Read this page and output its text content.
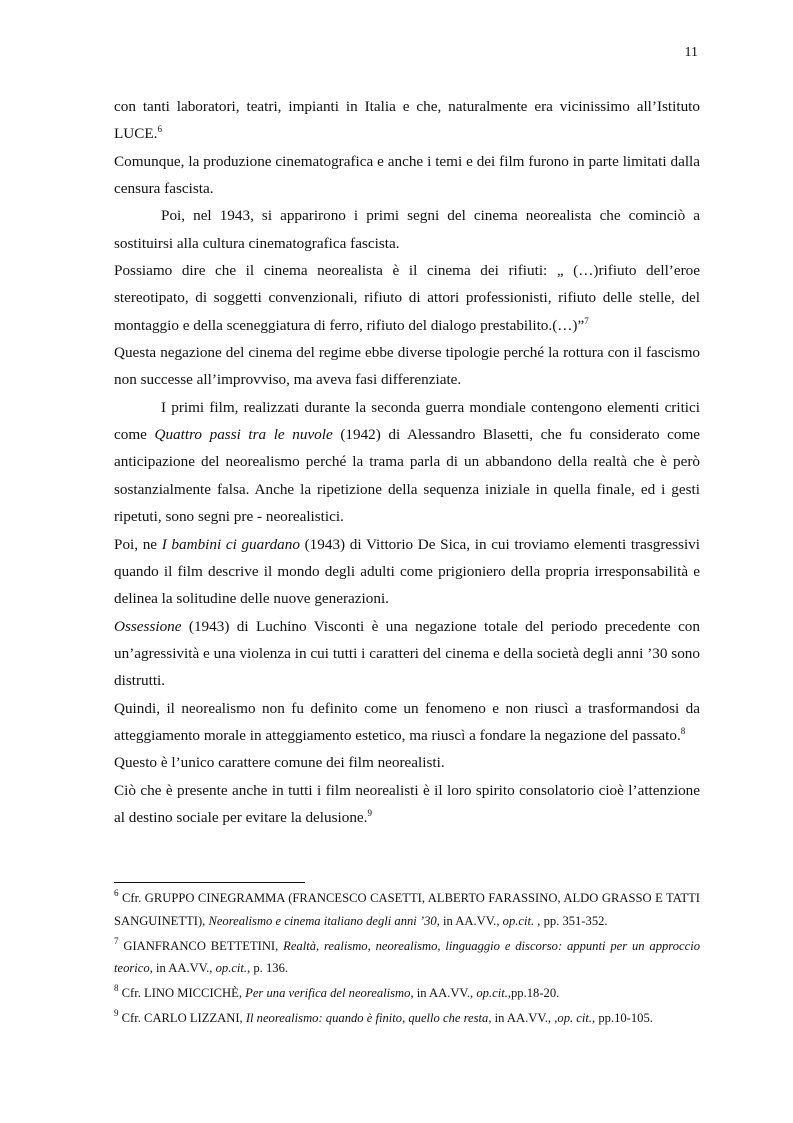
11

con tanti laboratori, teatri, impianti in Italia e che, naturalmente era vicinissimo all’Istituto LUCE.$^6$

Comunque, la produzione cinematografica e anche i temi e dei film furono in parte limitati dalla censura fascista.

Poi, nel 1943, si apparirono i primi segni del cinema neorealista che cominciò a sostituirsi alla cultura cinematografica fascista.

Possiamo dire che il cinema neorealista è il cinema dei rifiuti: „ (…)rifiuto dell’eroe stereotipato, di soggetti convenzionali, rifiuto di attori professionisti, rifiuto delle stelle, del montaggio e della sceneggiatura di ferro, rifiuto del dialogo prestabilito.(…)”$^7$

Questa negazione del cinema del regime ebbe diverse tipologie perché la rottura con il fascismo non successe all’improvviso, ma aveva fasi differenziate.

I primi film, realizzati durante la seconda guerra mondiale contengono elementi critici come Quattro passi tra le nuvole (1942) di Alessandro Blasetti, che fu considerato come anticipazione del neorealismo perché la trama parla di un abbandono della realtà che è però sostanzialmente falsa. Anche la ripetizione della sequenza iniziale in quella finale, ed i gesti ripetuti, sono segni pre - neorealistici.

Poi, ne I bambini ci guardano (1943) di Vittorio De Sica, in cui troviamo elementi trasgressivi quando il film descrive il mondo degli adulti come prigioniero della propria irresponsabilità e delinea la solitudine delle nuove generazioni.

Ossessione (1943) di Luchino Visconti è una negazione totale del periodo precedente con un’agressività e una violenza in cui tutti i caratteri del cinema e della società degli anni ’30 sono distrutti.

Quindi, il neorealismo non fu definito come un fenomeno e non riuscì a trasformandosi da atteggiamento morale in atteggiamento estetico, ma riuscì a fondare la negazione del passato.$^8$

Questo è l’unico carattere comune dei film neorealisti.

Ciò che è presente anche in tutti i film neorealisti è il loro spirito consolatorio cioè l’attenzione al destino sociale per evitare la delusione.$^9$

$^6$ Cfr. GRUPPO CINEGRAMMA (FRANCESCO CASETTI, ALBERTO FARASSINO, ALDO GRASSO E TATTI SANGUINETTI), Neorealismo e cinema italiano degli anni ’30, in AA.VV., op.cit. , pp. 351-352.

$^7$ GIANFRANCO BETTETINI, Realtà, realismo, neorealismo, linguaggio e discorso: appunti per un approccio teorico, in AA.VV., op.cit., p. 136.

$^8$ Cfr. LINO MICCICHÈ, Per una verifica del neorealismo, in AA.VV., op.cit.,pp.18-20.

$^9$ Cfr. CARLO LIZZANI, Il neorealismo: quando è finito, quello che resta, in AA.VV., ,op. cit., pp.10-105.
